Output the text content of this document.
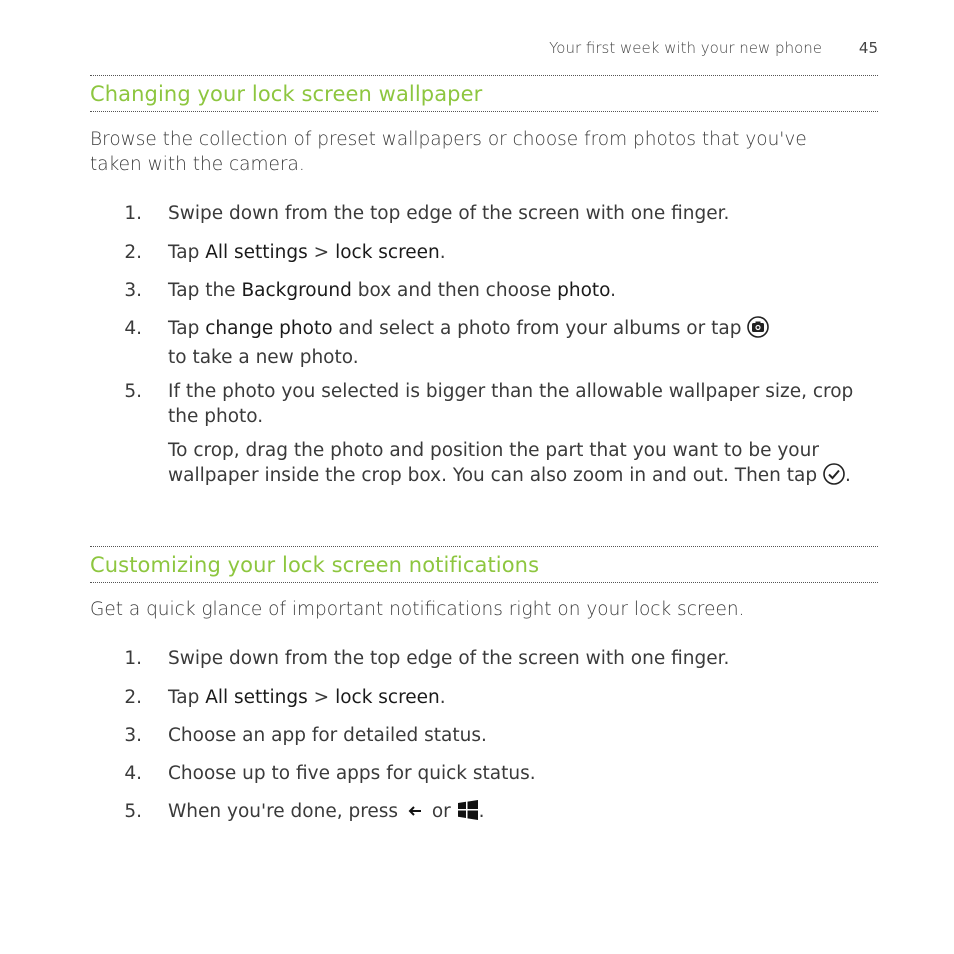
Your first week with your new phone 45
Changing your lock screen wallpaper
Browse the collection of preset wallpapers or choose from photos that you've taken with the camera.
1. Swipe down from the top edge of the screen with one finger.
2. Tap All settings > lock screen.
3. Tap the Background box and then choose photo.
4. Tap change photo and select a photo from your albums or tap
to take a new photo.
5. If the photo you selected is bigger than the allowable wallpaper size, crop the photo.
To crop, drag the photo and position the part that you want to be your wallpaper inside the crop box. You can also zoom in and out. Then tap .
Customizing your lock screen notifications
Get a quick glance of important notifications right on your lock screen.
1. Swipe down from the top edge of the screen with one finger.
2. Tap All settings > lock screen.
3. Choose an app for detailed status.
4. Choose up to five apps for quick status.
5. When you're done, press  or .
